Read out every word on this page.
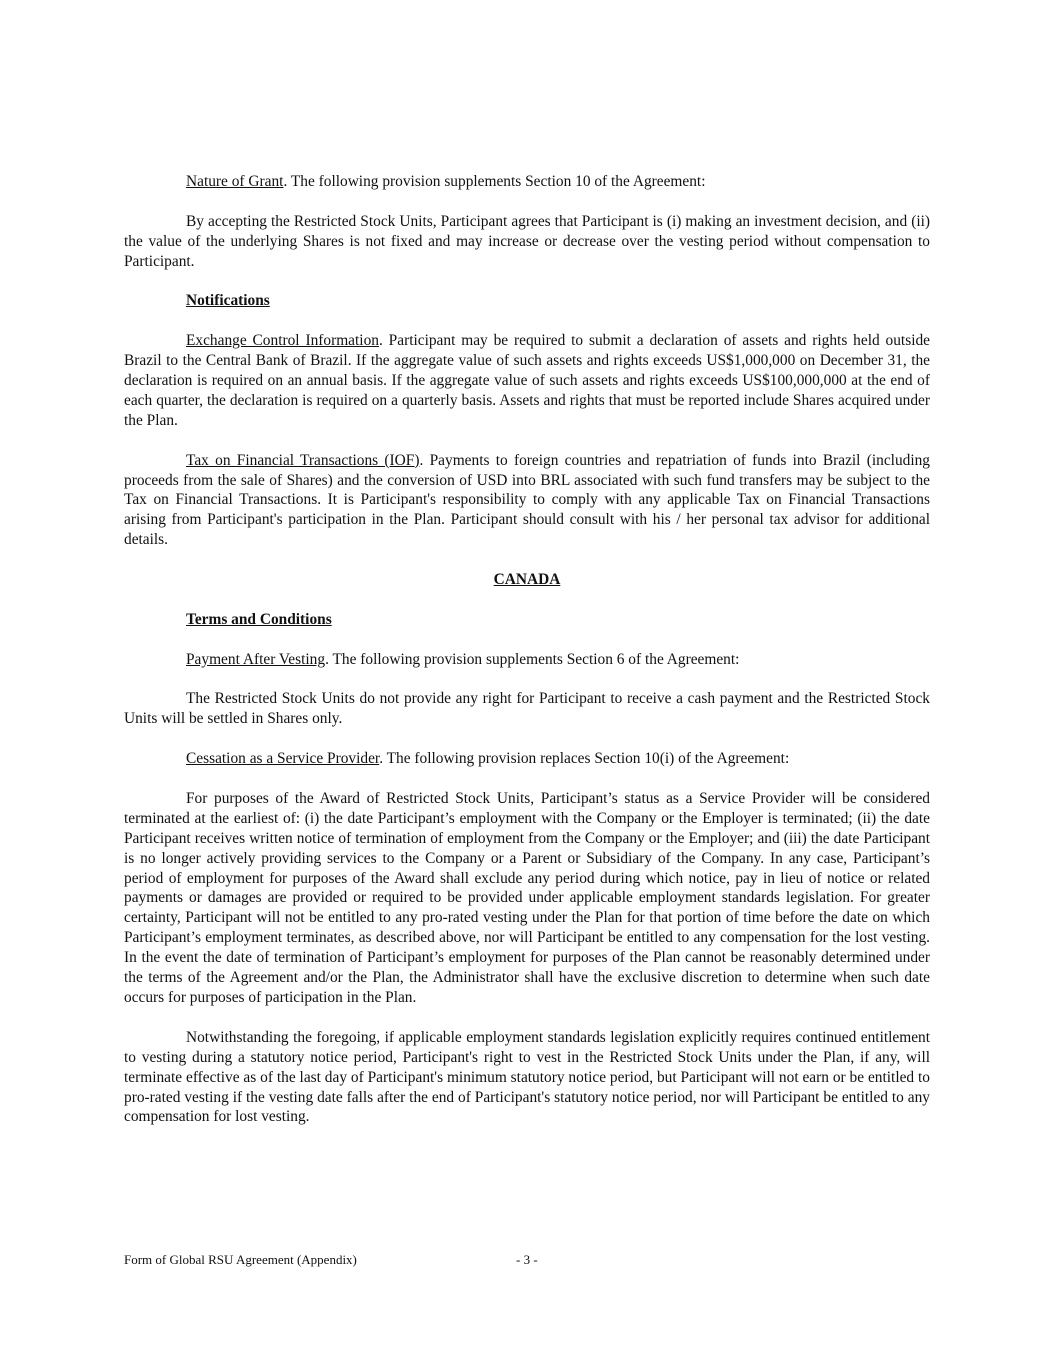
Nature of Grant. The following provision supplements Section 10 of the Agreement:

By accepting the Restricted Stock Units, Participant agrees that Participant is (i) making an investment decision, and (ii) the value of the underlying Shares is not fixed and may increase or decrease over the vesting period without compensation to Participant.

Notifications

Exchange Control Information. Participant may be required to submit a declaration of assets and rights held outside Brazil to the Central Bank of Brazil. If the aggregate value of such assets and rights exceeds US$1,000,000 on December 31, the declaration is required on an annual basis. If the aggregate value of such assets and rights exceeds US$100,000,000 at the end of each quarter, the declaration is required on a quarterly basis. Assets and rights that must be reported include Shares acquired under the Plan.

Tax on Financial Transactions (IOF). Payments to foreign countries and repatriation of funds into Brazil (including proceeds from the sale of Shares) and the conversion of USD into BRL associated with such fund transfers may be subject to the Tax on Financial Transactions. It is Participant's responsibility to comply with any applicable Tax on Financial Transactions arising from Participant's participation in the Plan. Participant should consult with his / her personal tax advisor for additional details.

CANADA

Terms and Conditions

Payment After Vesting. The following provision supplements Section 6 of the Agreement:

The Restricted Stock Units do not provide any right for Participant to receive a cash payment and the Restricted Stock Units will be settled in Shares only.

Cessation as a Service Provider. The following provision replaces Section 10(i) of the Agreement:

For purposes of the Award of Restricted Stock Units, Participant’s status as a Service Provider will be considered terminated at the earliest of: (i) the date Participant’s employment with the Company or the Employer is terminated; (ii) the date Participant receives written notice of termination of employment from the Company or the Employer; and (iii) the date Participant is no longer actively providing services to the Company or a Parent or Subsidiary of the Company. In any case, Participant’s period of employment for purposes of the Award shall exclude any period during which notice, pay in lieu of notice or related payments or damages are provided or required to be provided under applicable employment standards legislation. For greater certainty, Participant will not be entitled to any pro-rated vesting under the Plan for that portion of time before the date on which Participant’s employment terminates, as described above, nor will Participant be entitled to any compensation for the lost vesting. In the event the date of termination of Participant’s employment for purposes of the Plan cannot be reasonably determined under the terms of the Agreement and/or the Plan, the Administrator shall have the exclusive discretion to determine when such date occurs for purposes of participation in the Plan.

Notwithstanding the foregoing, if applicable employment standards legislation explicitly requires continued entitlement to vesting during a statutory notice period, Participant's right to vest in the Restricted Stock Units under the Plan, if any, will terminate effective as of the last day of Participant's minimum statutory notice period, but Participant will not earn or be entitled to pro-rated vesting if the vesting date falls after the end of Participant's statutory notice period, nor will Participant be entitled to any compensation for lost vesting.

Form of Global RSU Agreement (Appendix)	- 3 -
